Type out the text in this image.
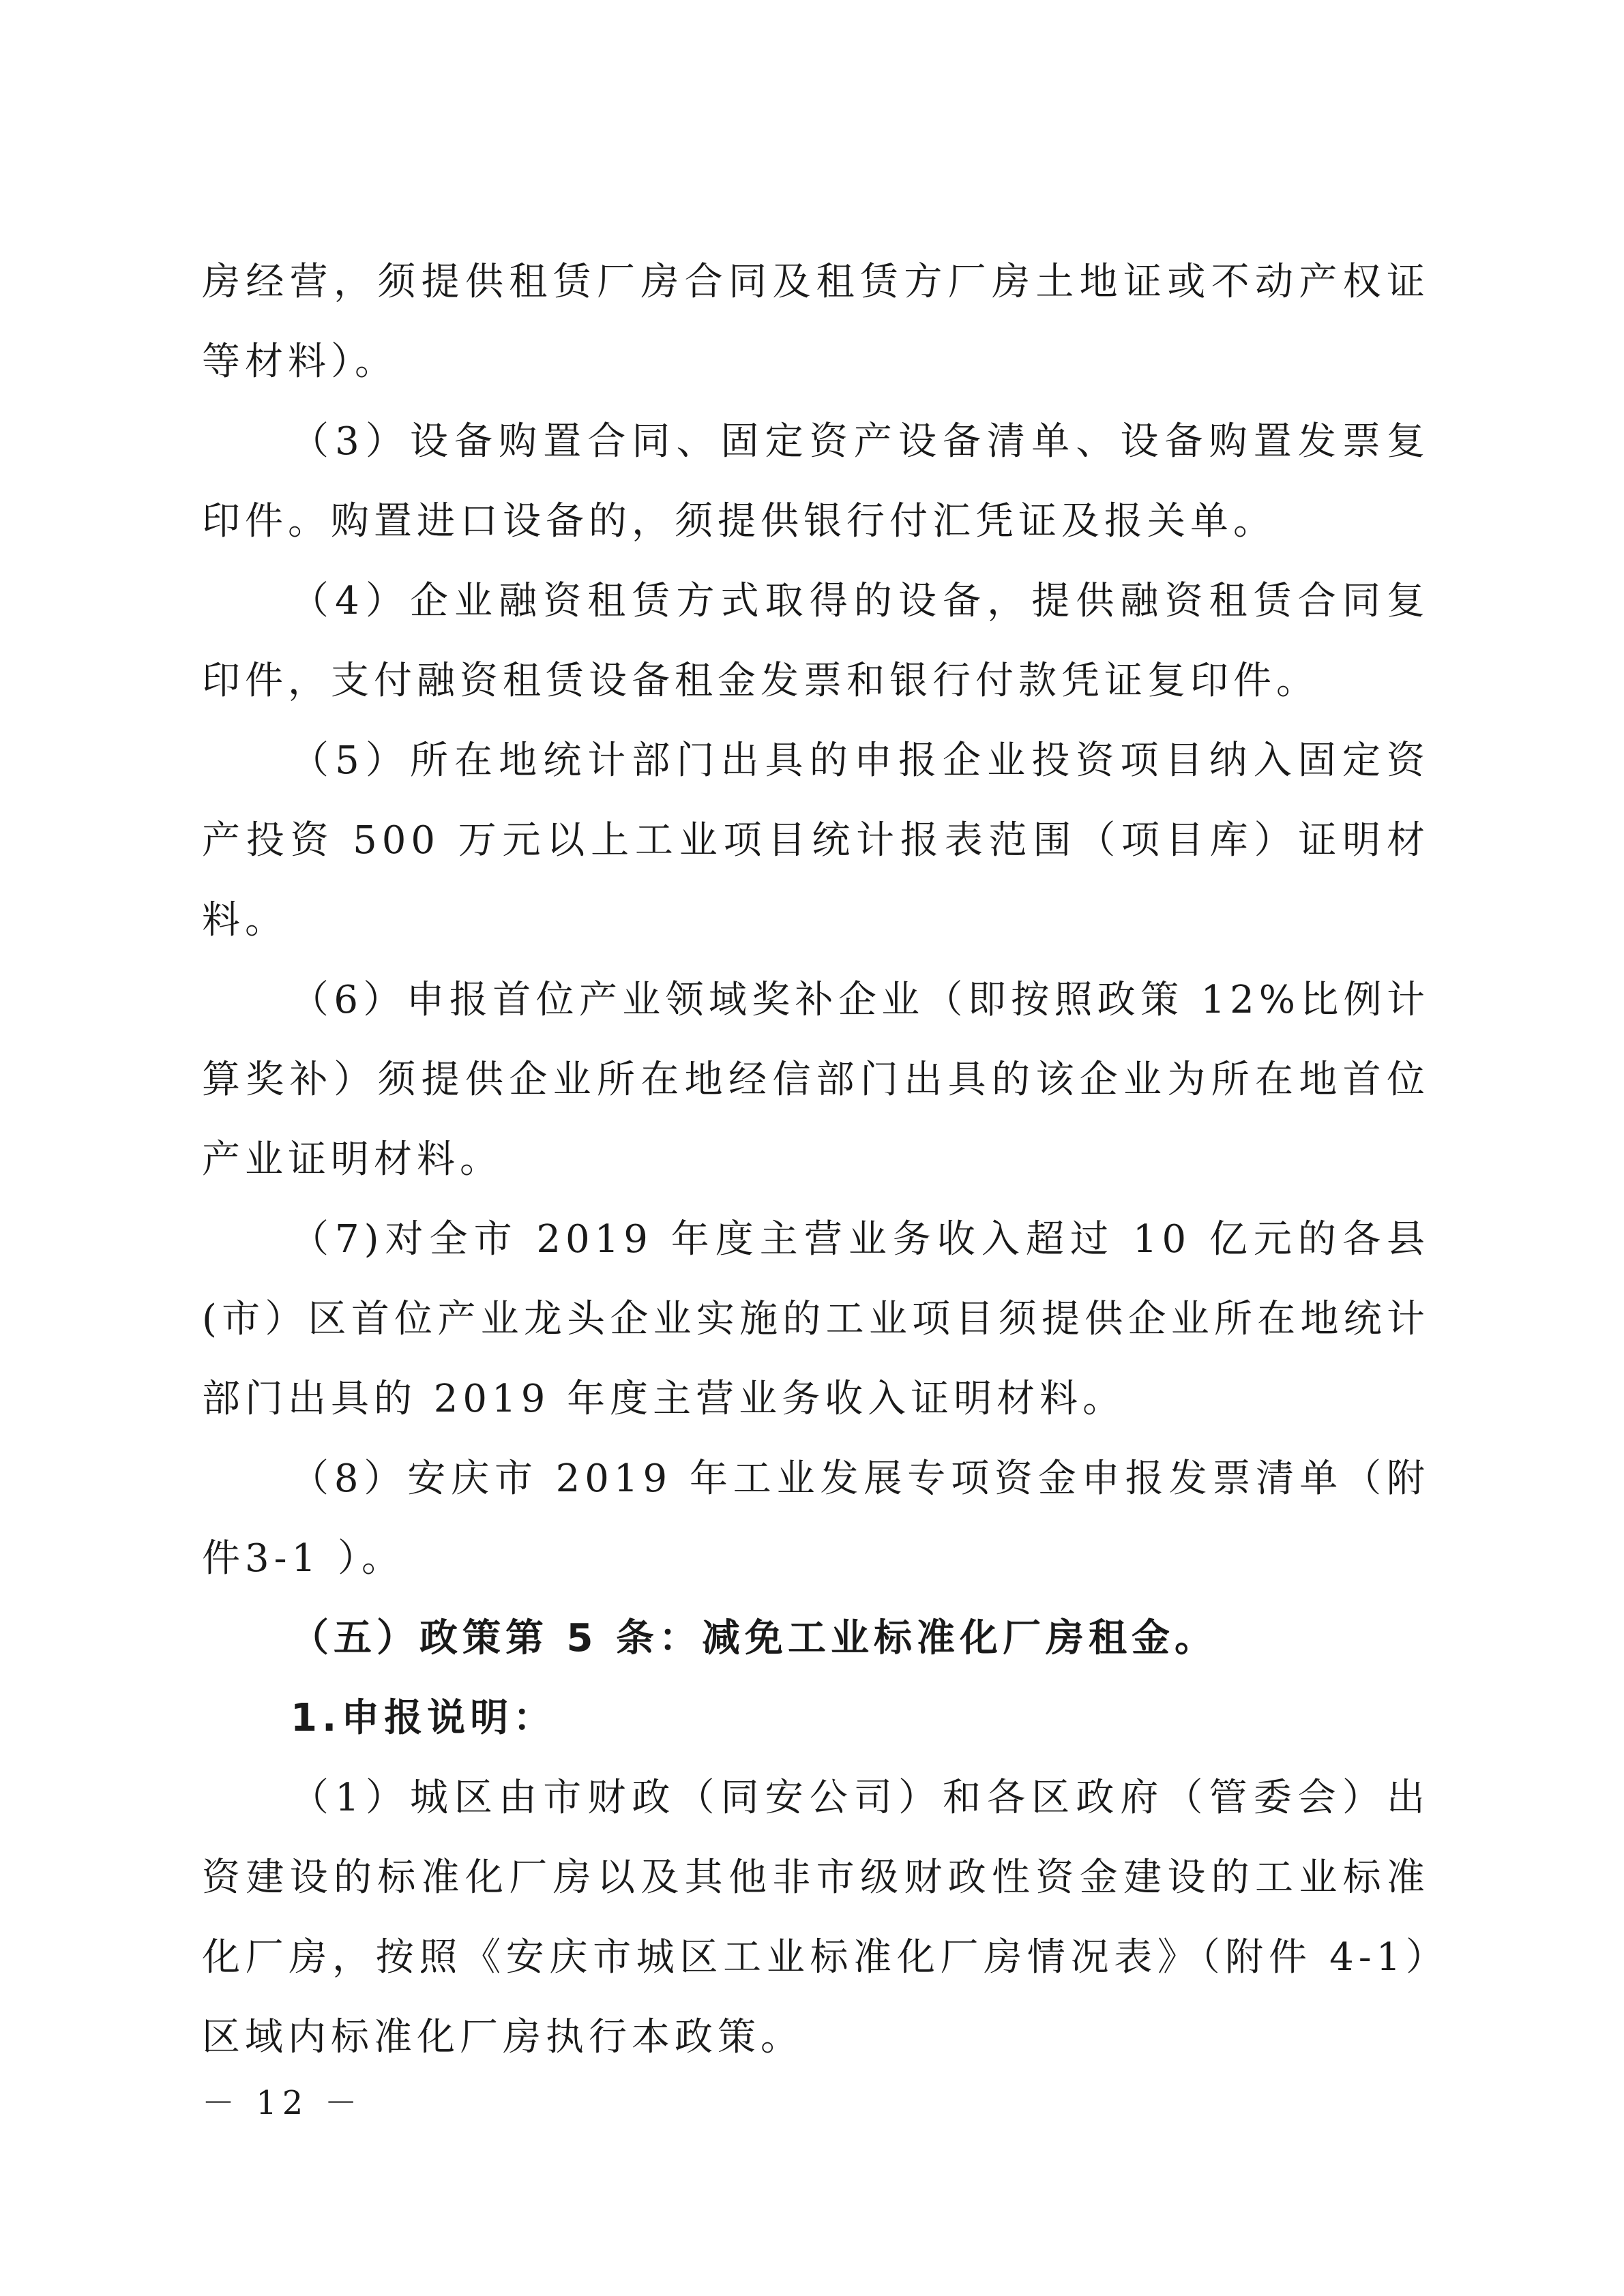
房经营，须提供租赁厂房合同及租赁方厂房土地证或不动产权证等材料）。

（3）设备购置合同、固定资产设备清单、设备购置发票复印件。购置进口设备的，须提供银行付汇凭证及报关单。

（4）企业融资租赁方式取得的设备，提供融资租赁合同复印件，支付融资租赁设备租金发票和银行付款凭证复印件。

（5）所在地统计部门出具的申报企业投资项目纳入固定资产投资 500 万元以上工业项目统计报表范围（项目库）证明材料。

（6）申报首位产业领域奖补企业（即按照政策 12%比例计算奖补）须提供企业所在地经信部门出具的该企业为所在地首位产业证明材料。

（7)对全市 2019 年度主营业务收入超过 10 亿元的各县(市）区首位产业龙头企业实施的工业项目须提供企业所在地统计部门出具的 2019 年度主营业务收入证明材料。

（8）安庆市 2019 年工业发展专项资金申报发票清单（附件3-1 ）。

（五）政策第 5 条：减免工业标准化厂房租金。

1.申报说明：

（1）城区由市财政（同安公司）和各区政府（管委会）出资建设的标准化厂房以及其他非市级财政性资金建设的工业标准化厂房，按照《安庆市城区工业标准化厂房情况表》（附件 4-1）区域内标准化厂房执行本政策。

－ 12 －
